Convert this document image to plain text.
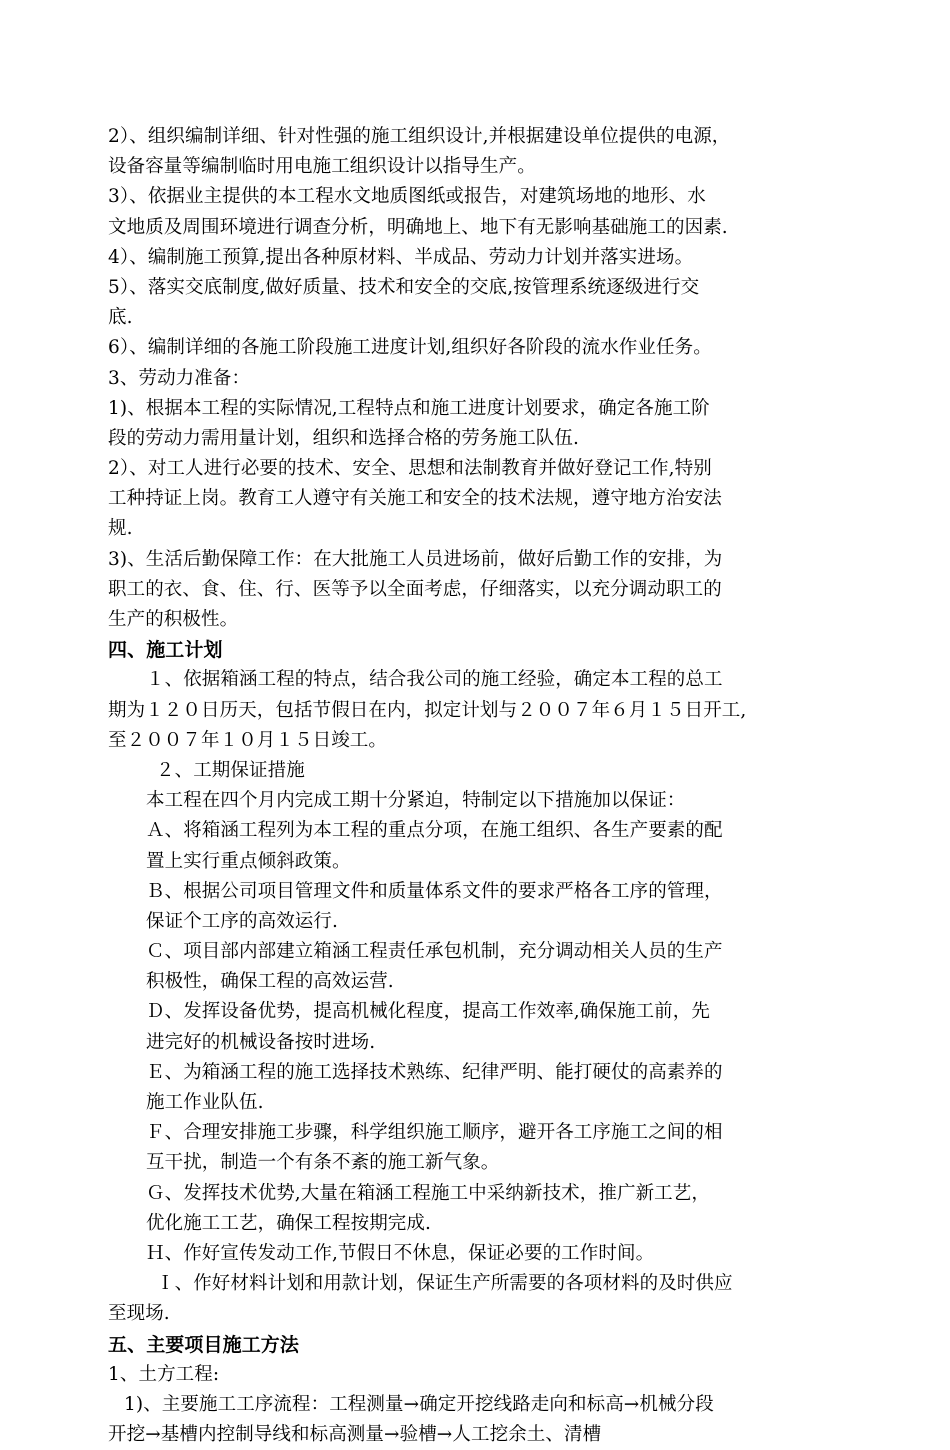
2）、组织编制详细、针对性强的施工组织设计,并根据建设单位提供的电源，
设备容量等编制临时用电施工组织设计以指导生产。
3）、依据业主提供的本工程水文地质图纸或报告，对建筑场地的地形、水
文地质及周围环境进行调查分析，明确地上、地下有无影响基础施工的因素.
4）、编制施工预算,提出各种原材料、半成品、劳动力计划并落实进场。
5）、落实交底制度,做好质量、技术和安全的交底,按管理系统逐级进行交
底.
6）、编制详细的各施工阶段施工进度计划,组织好各阶段的流水作业任务。
3、劳动力准备：
1)、根据本工程的实际情况,工程特点和施工进度计划要求，确定各施工阶
段的劳动力需用量计划，组织和选择合格的劳务施工队伍.
2）、对工人进行必要的技术、安全、思想和法制教育并做好登记工作,特别
工种持证上岗。教育工人遵守有关施工和安全的技术法规，遵守地方治安法
规.
3)、生活后勤保障工作：在大批施工人员进场前，做好后勤工作的安排，为
职工的衣、食、住、行、医等予以全面考虑，仔细落实，以充分调动职工的
生产的积极性。
四、施工计划
１、依据箱涵工程的特点，结合我公司的施工经验，确定本工程的总工
期为１２０日历天，包括节假日在内，拟定计划与２００７年６月１５日开工,
至２００７年１０月１５日竣工。
２、工期保证措施
本工程在四个月内完成工期十分紧迫，特制定以下措施加以保证：
Ａ、将箱涵工程列为本工程的重点分项，在施工组织、各生产要素的配
置上实行重点倾斜政策。
Ｂ、根据公司项目管理文件和质量体系文件的要求严格各工序的管理，
保证个工序的高效运行.
Ｃ、项目部内部建立箱涵工程责任承包机制，充分调动相关人员的生产
积极性，确保工程的高效运营.
Ｄ、发挥设备优势，提高机械化程度，提高工作效率,确保施工前，先
进完好的机械设备按时进场.
Ｅ、为箱涵工程的施工选择技术熟练、纪律严明、能打硬仗的高素养的
施工作业队伍.
Ｆ、合理安排施工步骤，科学组织施工顺序，避开各工序施工之间的相
互干扰，制造一个有条不紊的施工新气象。
Ｇ、发挥技术优势,大量在箱涵工程施工中采纳新技术，推广新工艺，
优化施工工艺，确保工程按期完成.
Ｈ、作好宣传发动工作,节假日不休息，保证必要的工作时间。
Ｉ、作好材料计划和用款计划，保证生产所需要的各项材料的及时供应
至现场.
五、主要项目施工方法
1、土方工程:
1)、主要施工工序流程：工程测量→确定开挖线路走向和标高→机械分段
开挖→基槽内控制导线和标高测量→验槽→人工挖余土、清槽
